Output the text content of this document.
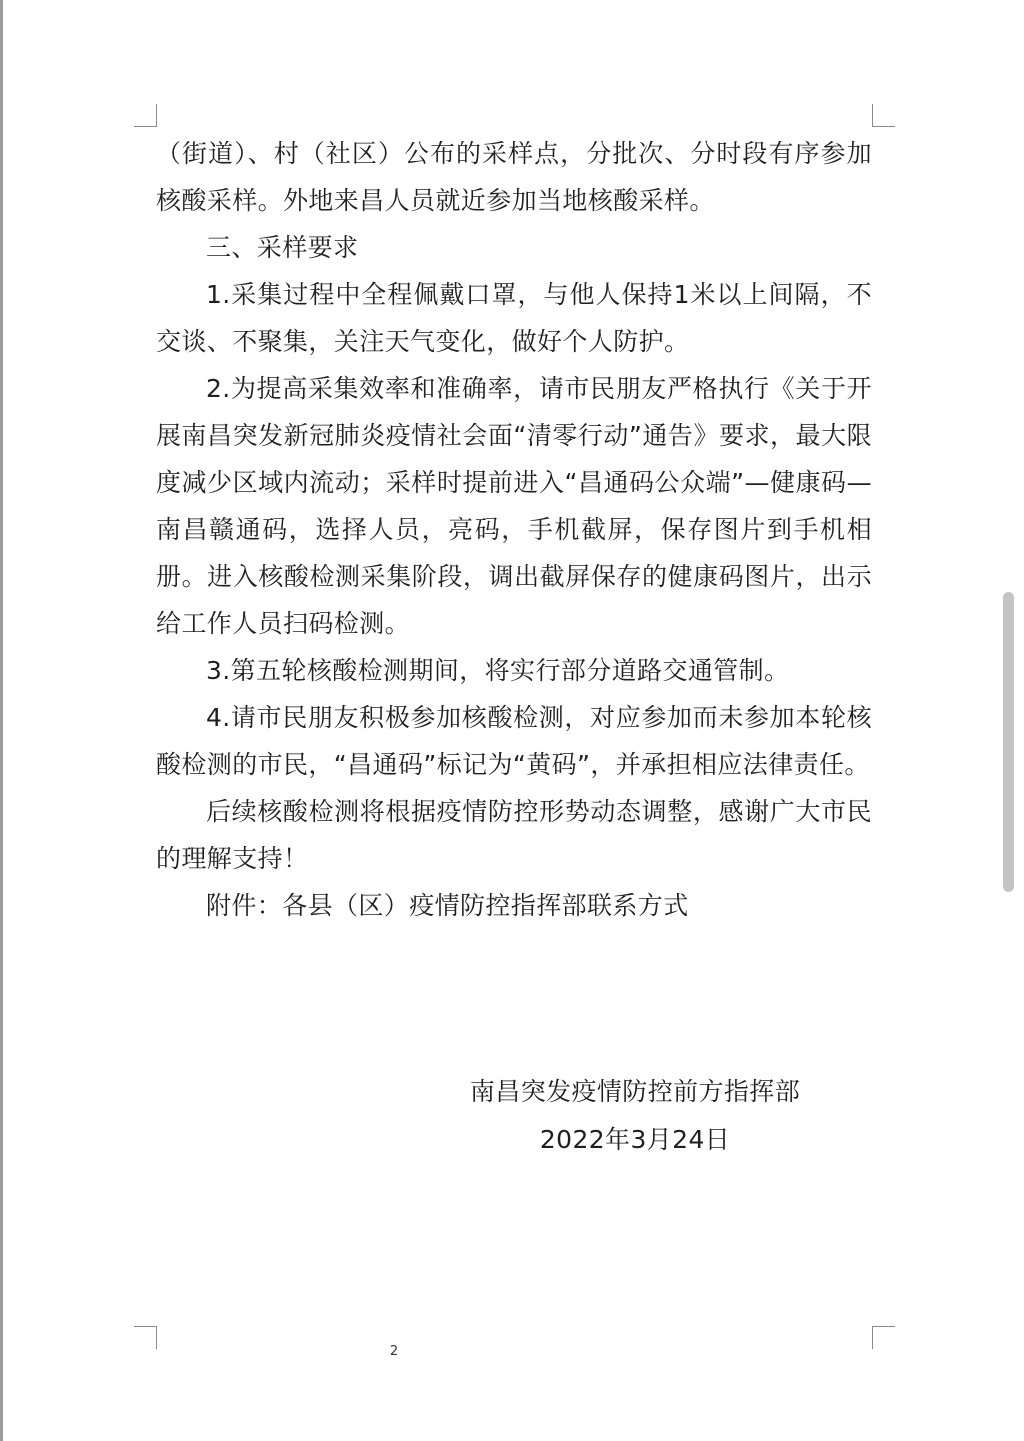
（街道）、村（社区）公布的采样点，分批次、分时段有序参加核酸采样。外地来昌人员就近参加当地核酸采样。

三、采样要求

1.采集过程中全程佩戴口罩，与他人保持1米以上间隔，不交谈、不聚集，关注天气变化，做好个人防护。

2.为提高采集效率和准确率，请市民朋友严格执行《关于开展南昌突发新冠肺炎疫情社会面“清零行动”通告》要求，最大限度减少区域内流动；采样时提前进入“昌通码公众端”—健康码—南昌赣通码，选择人员，亮码，手机截屏，保存图片到手机相册。进入核酸检测采集阶段，调出截屏保存的健康码图片，出示给工作人员扫码检测。

3.第五轮核酸检测期间，将实行部分道路交通管制。

4.请市民朋友积极参加核酸检测，对应参加而未参加本轮核酸检测的市民，“昌通码”标记为“黄码”，并承担相应法律责任。

后续核酸检测将根据疫情防控形势动态调整，感谢广大市民的理解支持！

附件：各县（区）疫情防控指挥部联系方式

南昌突发疫情防控前方指挥部
2022年3月24日
2
